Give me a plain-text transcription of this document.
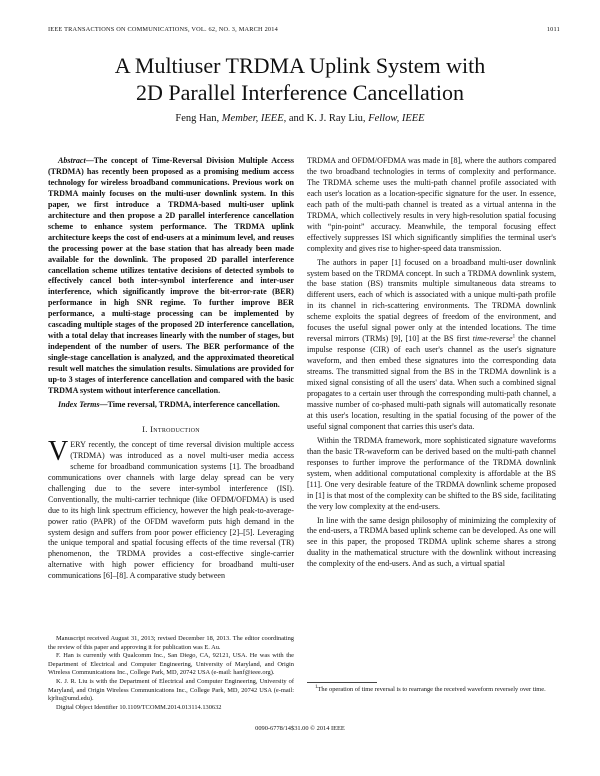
IEEE TRANSACTIONS ON COMMUNICATIONS, VOL. 62, NO. 3, MARCH 2014	1011
A Multiuser TRDMA Uplink System with
2D Parallel Interference Cancellation
Feng Han, Member, IEEE, and K. J. Ray Liu, Fellow, IEEE

Abstract—The concept of Time-Reversal Division Multiple Access (TRDMA) has recently been proposed as a promising medium access technology for wireless broadband communications. Previous work on TRDMA mainly focuses on the multi-user downlink system. In this paper, we first introduce a TRDMA-based multi-user uplink architecture and then propose a 2D parallel interference cancellation scheme to enhance system performance. The TRDMA uplink architecture keeps the cost of end-users at a minimum level, and reuses the processing power at the base station that has already been made available for the downlink. The proposed 2D parallel interference cancellation scheme utilizes tentative decisions of detected symbols to effectively cancel both inter-symbol interference and inter-user interference, which significantly improve the bit-error-rate (BER) performance in high SNR regime. To further improve BER performance, a multi-stage processing can be implemented by cascading multiple stages of the proposed 2D interference cancellation, with a total delay that increases linearly with the number of stages, but independent of the number of users. The BER performance of the single-stage cancellation is analyzed, and the approximated theoretical result well matches the simulation results. Simulations are provided for up-to 3 stages of interference cancellation and compared with the basic TRDMA system without interference cancellation.

Index Terms—Time reversal, TRDMA, interference cancellation.

I. Introduction

VERY recently, the concept of time reversal division multiple access (TRDMA) was introduced as a novel multi-user media access scheme for broadband communication systems [1]. The broadband communications over channels with large delay spread can be very challenging due to the severe inter-symbol interference (ISI). Conventionally, the multi-carrier technique (like OFDM/OFDMA) is used due to its high link spectrum efficiency, however the high peak-to-average-power ratio (PAPR) of the OFDM waveform puts high demand in the system design and suffers from poor power efficiency [2]–[5]. Leveraging the unique temporal and spatial focusing effects of the time reversal (TR) phenomenon, the TRDMA provides a cost-effective single-carrier alternative with high power efficiency for broadband multi-user communications [6]–[8]. A comparative study between

Manuscript received August 31, 2013; revised December 18, 2013. The editor coordinating the review of this paper and approving it for publication was E. Au.

F. Han is currently with Qualcomm Inc., San Diego, CA, 92121, USA. He was with the Department of Electrical and Computer Engineering, University of Maryland, and Origin Wireless Communications Inc., College Park, MD, 20742 USA (e-mail: hanf@ieee.org).

K. J. R. Liu is with the Department of Electrical and Computer Engineering, University of Maryland, and Origin Wireless Communications Inc., College Park, MD, 20742 USA (e-mail: kjrliu@umd.edu).

Digital Object Identifier 10.1109/TCOMM.2014.013114.130632

TRDMA and OFDM/OFDMA was made in [8], where the authors compared the two broadband technologies in terms of complexity and performance. The TRDMA scheme uses the multi-path channel profile associated with each user's location as a location-specific signature for the user. In essence, each path of the multi-path channel is treated as a virtual antenna in the TRDMA, which collectively results in very high-resolution spatial focusing with “pin-point” accuracy. Meanwhile, the temporal focusing effect effectively suppresses ISI which significantly simplifies the terminal user's complexity and gives rise to higher-speed data transmission.

The authors in paper [1] focused on a broadband multi-user downlink system based on the TRDMA concept. In such a TRDMA downlink system, the base station (BS) transmits multiple simultaneous data streams to different users, each of which is associated with a unique multi-path profile in its channel in rich-scattering environments. The TRDMA downlink scheme exploits the spatial degrees of freedom of the environment, and focuses the useful signal power only at the intended locations. The time reversal mirrors (TRMs) [9], [10] at the BS first time-reverse$^1$ the channel impulse response (CIR) of each user's channel as the user's signature waveform, and then embed these signatures into the corresponding data streams. The transmitted signal from the BS in the TRDMA downlink is a mixed signal consisting of all the users' data. When such a combined signal propagates to a certain user through the corresponding multi-path channel, a massive number of co-phased multi-path signals will automatically resonate at this user's location, resulting in the spatial focusing of the power of the useful signal component that carries this user's data.

Within the TRDMA framework, more sophisticated signature waveforms than the basic TR-waveform can be derived based on the multi-path channel responses to further improve the performance of the TRDMA downlink system, when additional computational complexity is affordable at the BS [11]. One very desirable feature of the TRDMA downlink scheme proposed in [1] is that most of the complexity can be shifted to the BS side, facilitating the very low complexity at the end-users.

In line with the same design philosophy of minimizing the complexity of the end-users, a TRDMA based uplink scheme can be developed. As one will see in this paper, the proposed TRDMA uplink scheme shares a strong duality in the mathematical structure with the downlink without increasing the complexity of the end-users. And as such, a virtual spatial

$^1$The operation of time reversal is to rearrange the received waveform reversely over time.

0090-6778/14$31.00 © 2014 IEEE
